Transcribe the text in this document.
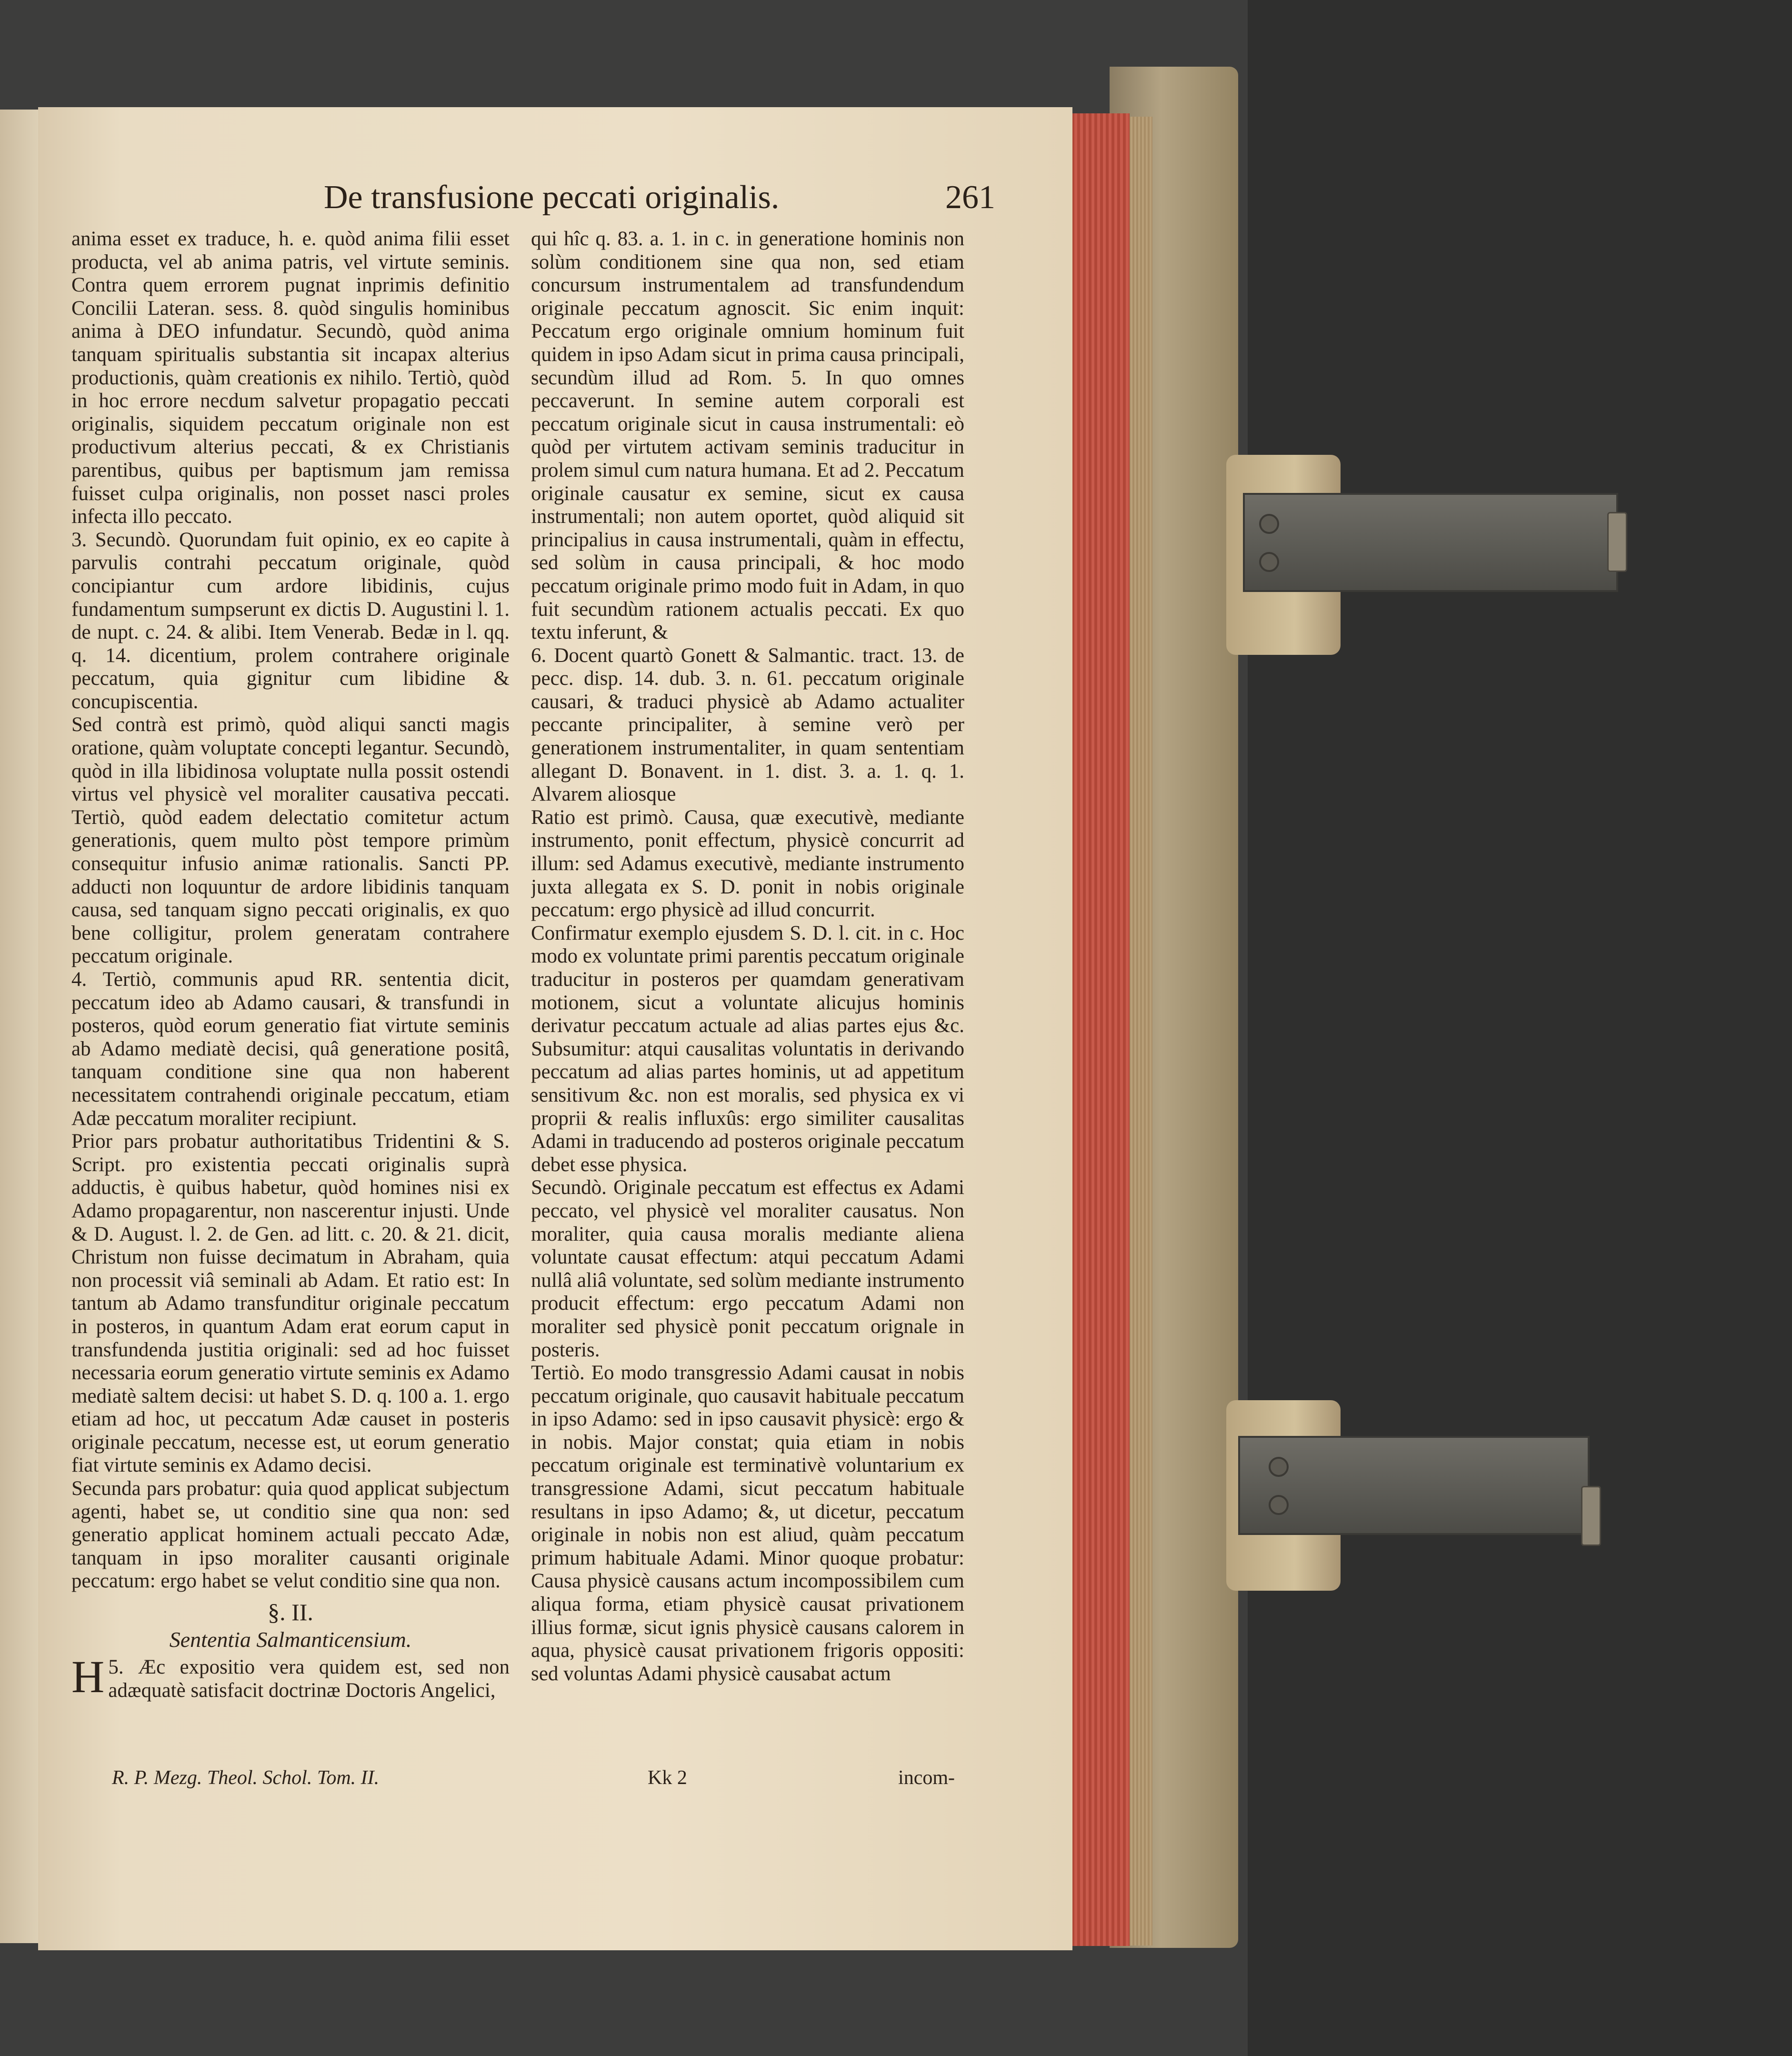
De transfusione peccati originalis.	261

anima esset ex traduce, h. e. quòd anima filii esset producta, vel ab anima patris, vel virtute seminis. Contra quem errorem pugnat inprimis definitio Concilii Lateran. sess. 8. quòd singulis hominibus anima à DEO infundatur. Secundò, quòd anima tanquam spiritualis substantia sit incapax alterius productionis, quàm creationis ex nihilo. Tertiò, quòd in hoc errore necdum salvetur propagatio peccati originalis, siquidem peccatum originale non est productivum alterius peccati, & ex Christianis parentibus, quibus per baptismum jam remissa fuisset culpa originalis, non posset nasci proles infecta illo peccato.

3. Secundò. Quorundam fuit opinio, ex eo capite à parvulis contrahi peccatum originale, quòd concipiantur cum ardore libidinis, cujus fundamentum sumpserunt ex dictis D. Augustini l. 1. de nupt. c. 24. & alibi. Item Venerab. Bedæ in l. qq. q. 14. dicentium, prolem contrahere originale peccatum, quia gignitur cum libidine & concupiscentia.

Sed contrà est primò, quòd aliqui sancti magis oratione, quàm voluptate concepti legantur. Secundò, quòd in illa libidinosa voluptate nulla possit ostendi virtus vel physicè vel moraliter causativa peccati. Tertiò, quòd eadem delectatio comitetur actum generationis, quem multo pòst tempore primùm consequitur infusio animæ rationalis. Sancti PP. adducti non loquuntur de ardore libidinis tanquam causa, sed tanquam signo peccati originalis, ex quo bene colligitur, prolem generatam contrahere peccatum originale.

4. Tertiò, communis apud RR. sententia dicit, peccatum ideo ab Adamo causari, & transfundi in posteros, quòd eorum generatio fiat virtute seminis ab Adamo mediatè decisi, quâ generatione positâ, tanquam conditione sine qua non haberent necessitatem contrahendi originale peccatum, etiam Adæ peccatum moraliter recipiunt.

Prior pars probatur authoritatibus Tridentini & S. Script. pro existentia peccati originalis suprà adductis, è quibus habetur, quòd homines nisi ex Adamo propagarentur, non nascerentur injusti. Unde & D. August. l. 2. de Gen. ad litt. c. 20. & 21. dicit, Christum non fuisse decimatum in Abraham, quia non processit viâ seminali ab Adam. Et ratio est: In tantum ab Adamo transfunditur originale peccatum in posteros, in quantum Adam erat eorum caput in transfundenda justitia originali: sed ad hoc fuisset necessaria eorum generatio virtute seminis ex Adamo mediatè saltem decisi: ut habet S. D. q. 100 a. 1. ergo etiam ad hoc, ut peccatum Adæ causet in posteris originale peccatum, necesse est, ut eorum generatio fiat virtute seminis ex Adamo decisi.

Secunda pars probatur: quia quod applicat subjectum agenti, habet se, ut conditio sine qua non: sed generatio applicat hominem actuali peccato Adæ, tanquam in ipso moraliter causanti originale peccatum: ergo habet se velut conditio sine qua non.

§. II.

Sententia Salmanticensium.

5.
H Æc expositio vera quidem est, sed non adæquatè satisfacit doctrinæ Doctoris Angelici,

qui hîc q. 83. a. 1. in c. in generatione hominis non solùm conditionem sine qua non, sed etiam concursum instrumentalem ad transfundendum originale peccatum agnoscit. Sic enim inquit: Peccatum ergo originale omnium hominum fuit quidem in ipso Adam sicut in prima causa principali, secundùm illud ad Rom. 5. In quo omnes peccaverunt. In semine autem corporali est peccatum originale sicut in causa instrumentali: eò quòd per virtutem activam seminis traducitur in prolem simul cum natura humana. Et ad 2. Peccatum originale causatur ex semine, sicut ex causa instrumentali; non autem oportet, quòd aliquid sit principalius in causa instrumentali, quàm in effectu, sed solùm in causa principali, & hoc modo peccatum originale primo modo fuit in Adam, in quo fuit secundùm rationem actualis peccati. Ex quo textu inferunt, &

6. Docent quartò Gonett & Salmantic. tract. 13. de pecc. disp. 14. dub. 3. n. 61. peccatum originale causari, & traduci physicè ab Adamo actualiter peccante principaliter, à semine verò per generationem instrumentaliter, in quam sententiam allegant D. Bonavent. in 1. dist. 3. a. 1. q. 1. Alvarem aliosque

Ratio est primò. Causa, quæ executivè, mediante instrumento, ponit effectum, physicè concurrit ad illum: sed Adamus executivè, mediante instrumento juxta allegata ex S. D. ponit in nobis originale peccatum: ergo physicè ad illud concurrit.

Confirmatur exemplo ejusdem S. D. l. cit. in c. Hoc modo ex voluntate primi parentis peccatum originale traducitur in posteros per quamdam generativam motionem, sicut a voluntate alicujus hominis derivatur peccatum actuale ad alias partes ejus &c. Subsumitur: atqui causalitas voluntatis in derivando peccatum ad alias partes hominis, ut ad appetitum sensitivum &c. non est moralis, sed physica ex vi proprii & realis influxûs: ergo similiter causalitas Adami in traducendo ad posteros originale peccatum debet esse physica.

Secundò. Originale peccatum est effectus ex Adami peccato, vel physicè vel moraliter causatus. Non moraliter, quia causa moralis mediante aliena voluntate causat effectum: atqui peccatum Adami nullâ aliâ voluntate, sed solùm mediante instrumento producit effectum: ergo peccatum Adami non moraliter sed physicè ponit peccatum orignale in posteris.

Tertiò. Eo modo transgressio Adami causat in nobis peccatum originale, quo causavit habituale peccatum in ipso Adamo: sed in ipso causavit physicè: ergo & in nobis. Major constat; quia etiam in nobis peccatum originale est terminativè voluntarium ex transgressione Adami, sicut peccatum habituale resultans in ipso Adamo; &, ut dicetur, peccatum originale in nobis non est aliud, quàm peccatum primum habituale Adami. Minor quoque probatur: Causa physicè causans actum incompossibilem cum aliqua forma, etiam physicè causat privationem illius formæ, sicut ignis physicè causans calorem in aqua, physicè causat privationem frigoris oppositi: sed voluntas Adami physicè causabat actum

R. P. Mezg. Theol. Schol. Tom. II.	Kk 2	incom-
